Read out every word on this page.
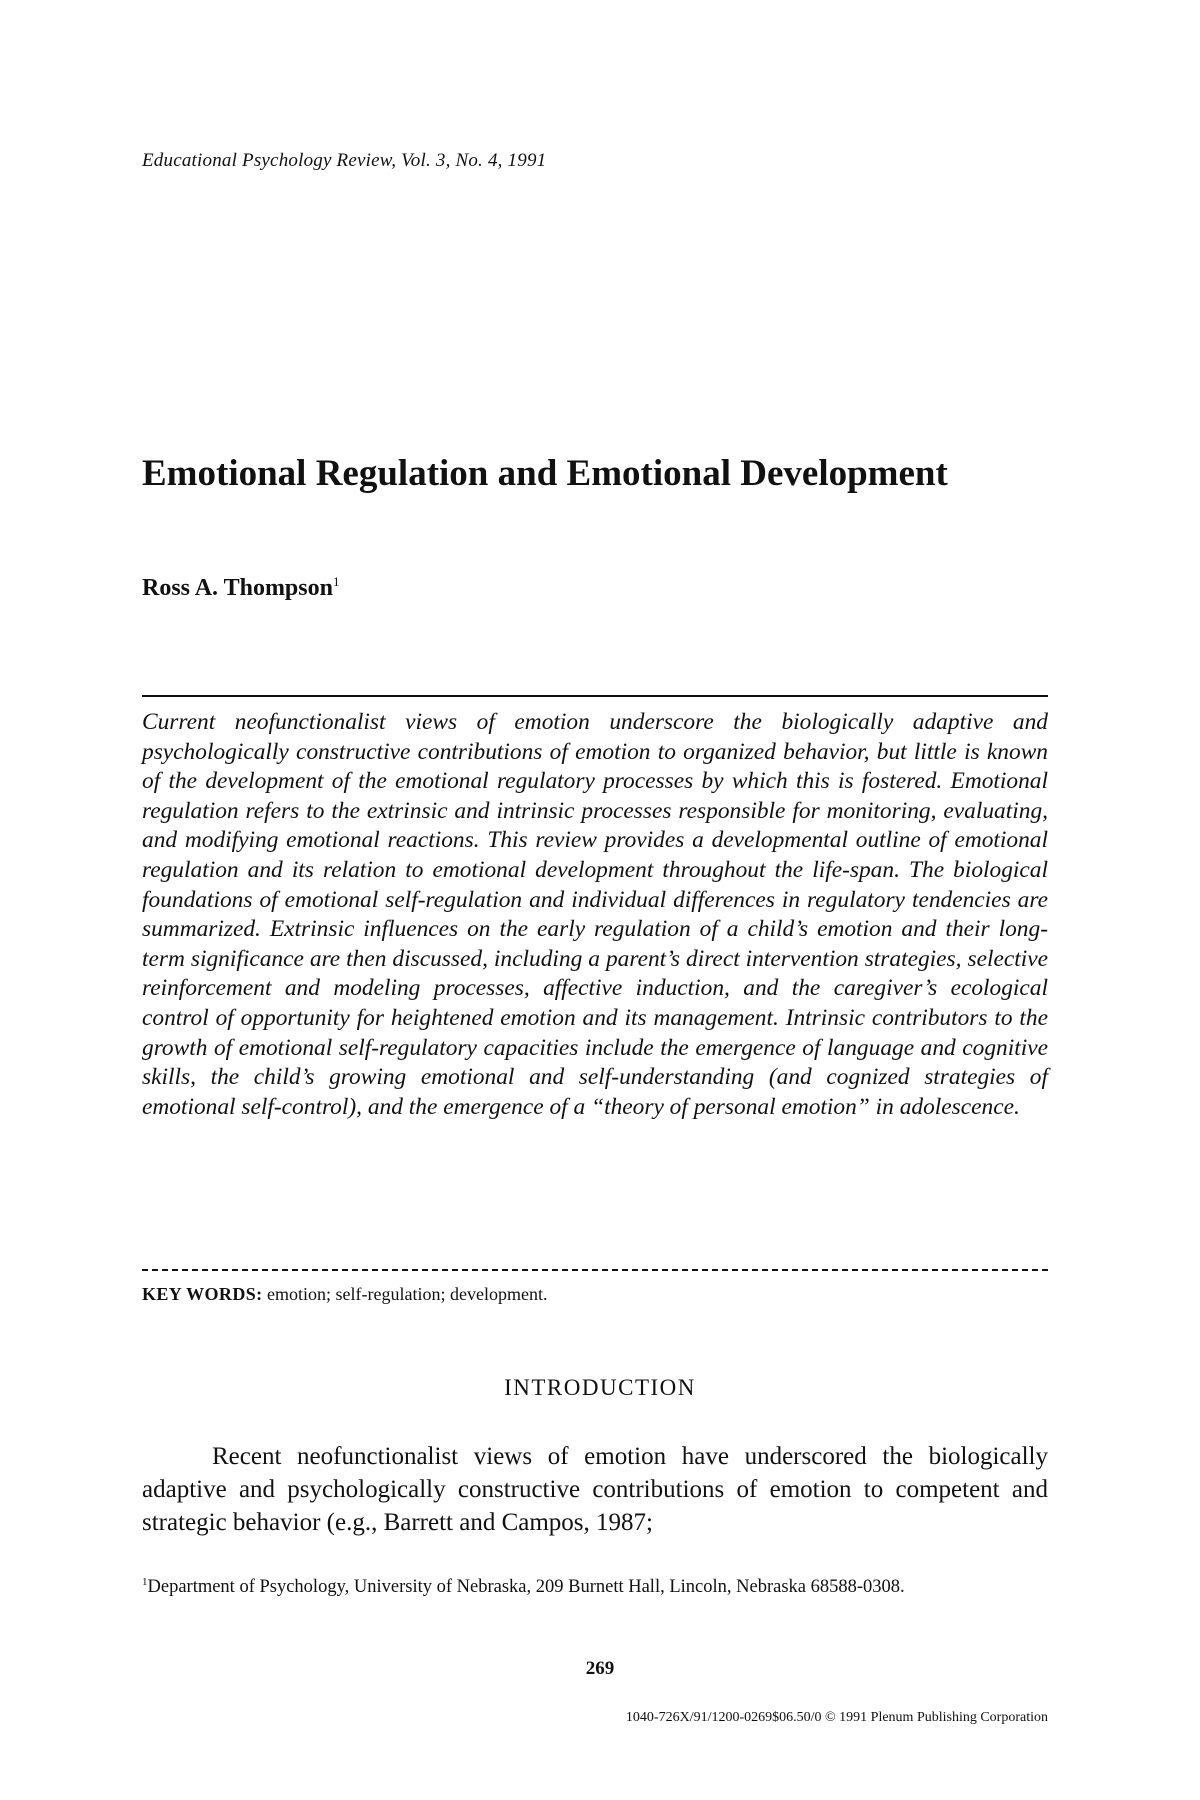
Educational Psychology Review, Vol. 3, No. 4, 1991
Emotional Regulation and Emotional Development
Ross A. Thompson$^1$
Current neofunctionalist views of emotion underscore the biologically adaptive and psychologically constructive contributions of emotion to organized behavior, but little is known of the development of the emotional regulatory processes by which this is fostered. Emotional regulation refers to the extrinsic and intrinsic processes responsible for monitoring, evaluating, and modifying emotional reactions. This review provides a developmental outline of emotional regulation and its relation to emotional development throughout the life-span. The biological foundations of emotional self-regulation and individual differences in regulatory tendencies are summarized. Extrinsic influences on the early regulation of a child’s emotion and their long-term significance are then discussed, including a parent’s direct intervention strategies, selective reinforcement and modeling processes, affective induction, and the caregiver’s ecological control of opportunity for heightened emotion and its management. Intrinsic contributors to the growth of emotional self-regulatory capacities include the emergence of language and cognitive skills, the child’s growing emotional and self-understanding (and cognized strategies of emotional self-control), and the emergence of a “theory of personal emotion” in adolescence.
KEY WORDS: emotion; self-regulation; development.
INTRODUCTION
Recent neofunctionalist views of emotion have underscored the biologically adaptive and psychologically constructive contributions of emotion to competent and strategic behavior (e.g., Barrett and Campos, 1987;
$^1$Department of Psychology, University of Nebraska, 209 Burnett Hall, Lincoln, Nebraska 68588-0308.
269
1040-726X/91/1200-0269$06.50/0 © 1991 Plenum Publishing Corporation
